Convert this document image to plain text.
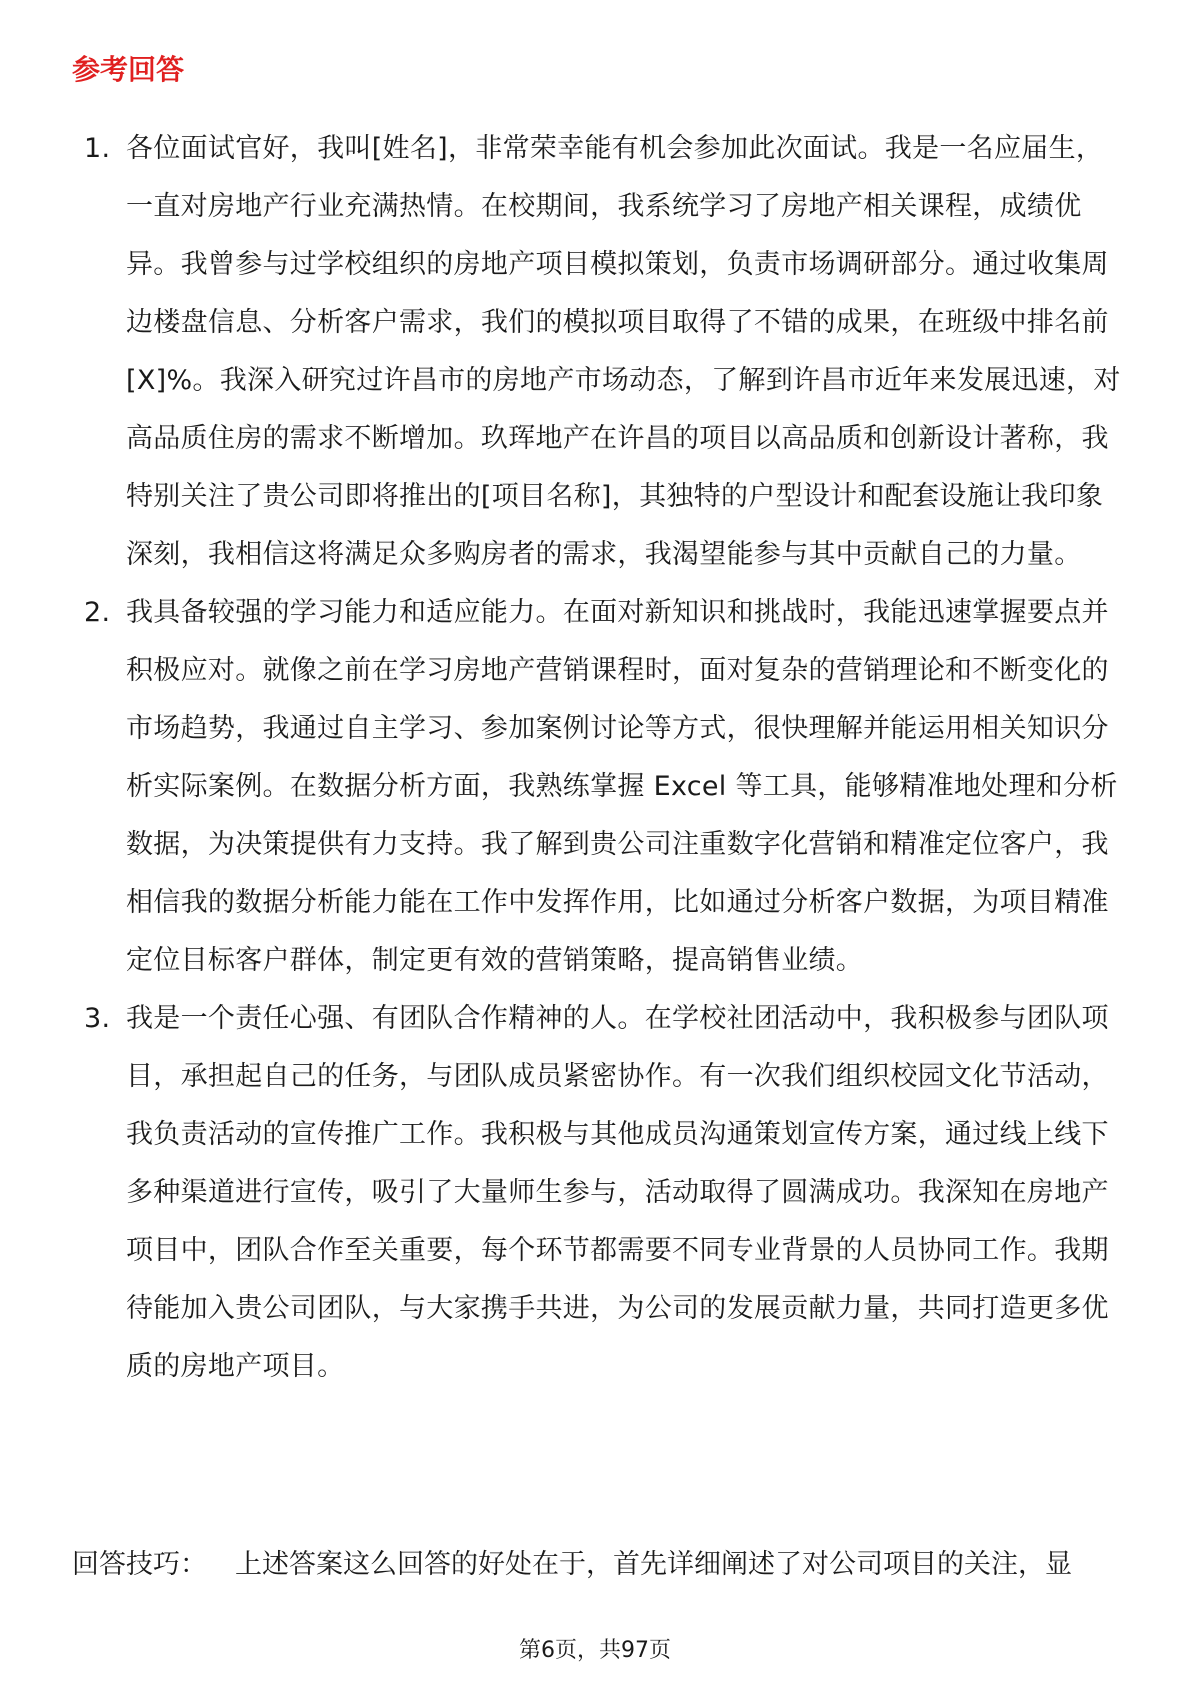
参考回答
1. 各位面试官好，我叫[姓名]，非常荣幸能有机会参加此次面试。我是一名应届生，一直对房地产行业充满热情。在校期间，我系统学习了房地产相关课程，成绩优异。我曾参与过学校组织的房地产项目模拟策划，负责市场调研部分。通过收集周边楼盘信息、分析客户需求，我们的模拟项目取得了不错的成果，在班级中排名前[X]%。我深入研究过许昌市的房地产市场动态，了解到许昌市近年来发展迅速，对高品质住房的需求不断增加。玖珲地产在许昌的项目以高品质和创新设计著称，我特别关注了贵公司即将推出的[项目名称]，其独特的户型设计和配套设施让我印象深刻，我相信这将满足众多购房者的需求，我渴望能参与其中贡献自己的力量。
2. 我具备较强的学习能力和适应能力。在面对新知识和挑战时，我能迅速掌握要点并积极应对。就像之前在学习房地产营销课程时，面对复杂的营销理论和不断变化的市场趋势，我通过自主学习、参加案例讨论等方式，很快理解并能运用相关知识分析实际案例。在数据分析方面，我熟练掌握 Excel 等工具，能够精准地处理和分析数据，为决策提供有力支持。我了解到贵公司注重数字化营销和精准定位客户，我相信我的数据分析能力能在工作中发挥作用，比如通过分析客户数据，为项目精准定位目标客户群体，制定更有效的营销策略，提高销售业绩。
3. 我是一个责任心强、有团队合作精神的人。在学校社团活动中，我积极参与团队项目，承担起自己的任务，与团队成员紧密协作。有一次我们组织校园文化节活动，我负责活动的宣传推广工作。我积极与其他成员沟通策划宣传方案，通过线上线下多种渠道进行宣传，吸引了大量师生参与，活动取得了圆满成功。我深知在房地产项目中，团队合作至关重要，每个环节都需要不同专业背景的人员协同工作。我期待能加入贵公司团队，与大家携手共进，为公司的发展贡献力量，共同打造更多优质的房地产项目。
回答技巧： 上述答案这么回答的好处在于，首先详细阐述了对公司项目的关注，显
第6页，共97页
